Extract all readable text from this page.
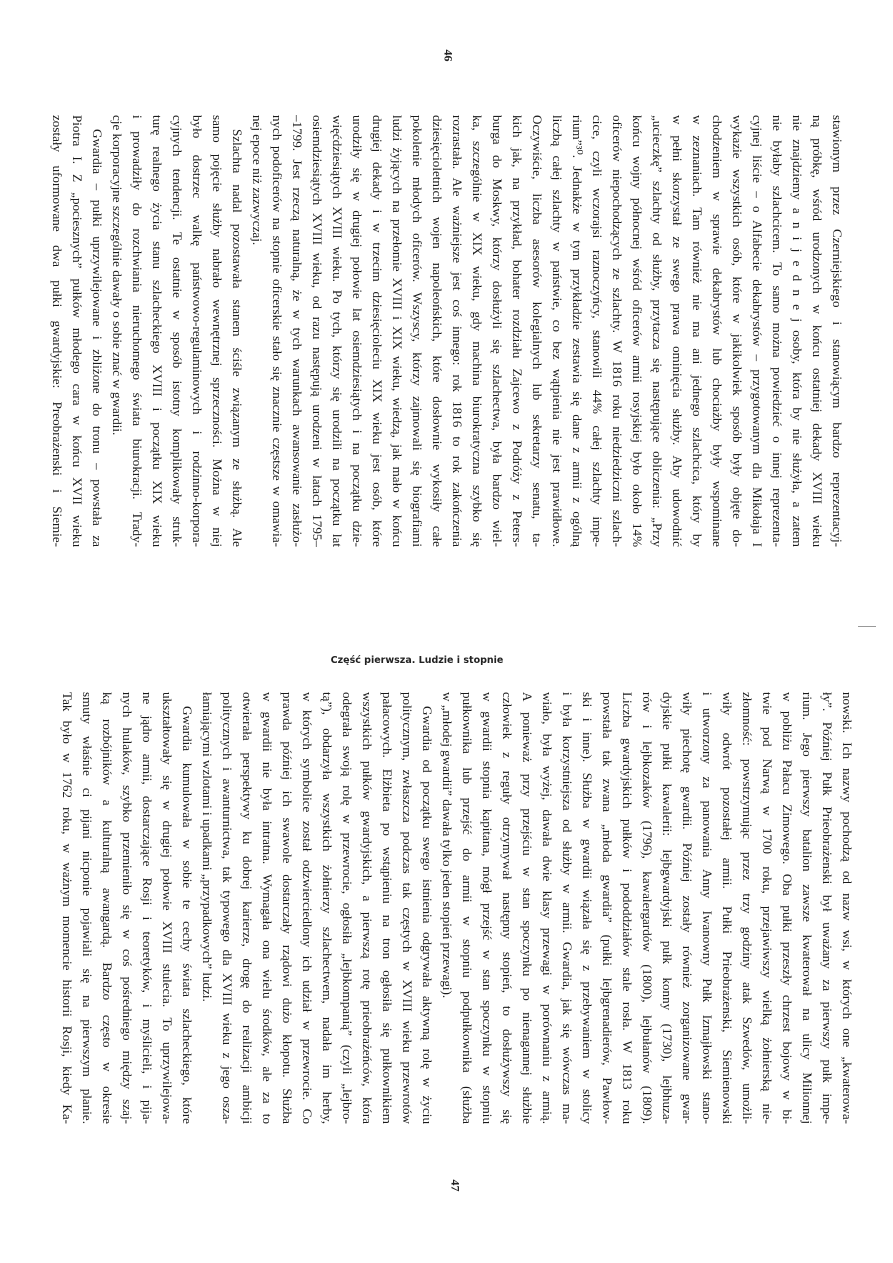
46
stawionym przez Czerniejskiego i stanowiącym bardzo reprezentacyj-
ną próbkę, wśród urodzonych w końcu ostatniej dekady XVIII wieku
nie znajdziemy a n i j e d n e j osoby, która by nie służyła, a zatem
nie byłaby szlachcicem. To samo można powiedzieć o innej reprezenta-
cyjnej liście – o Alfabecie dekabrystów – przygotowanym dla Mikołaja I
wykazie wszystkich osób, które w jakikolwiek sposób były objęte do-
chodzeniem w sprawie dekabrystów lub chociażby były wspominane
w zeznaniach. Tam również nie ma ani jednego szlachcica, który by
w pełni skorzystał ze swego prawa ominięcia służby. Aby udowodnić
„ucieczkę” szlachty od służby, przytacza się następujące obliczenia: „Przy
końcu wojny północnej wśród oficerów armii rosyjskiej było około 14%
oficerów niepochodzących ze szlachty. W 1816 roku niedziedziczni szlach-
cice, czyli wczorajsi raznoczyńcy, stanowili 44% całej szlachty impe-
rium”³⁰. Jednakże w tym przykładzie zestawia się dane z armii z ogólną
liczbą całej szlachty w państwie, co bez wątpienia nie jest prawidłowe.
Oczywiście, liczba asesorów kolegialnych lub sekretarzy senatu, ta-
kich jak, na przykład, bohater rozdziału Zajcewo z Podróży z Peters-
burga do Moskwy, którzy dosłużyli się szlachectwa, była bardzo wiel-
ka, szczególnie w XIX wieku, gdy machina biurokratyczna szybko się
rozrastała. Ale ważniejsze jest coś innego: rok 1816 to rok zakończenia
dziesięcioletnich wojen napoleońskich, które dosłownie wykosiły całe
pokolenie młodych oficerów. Wszyscy, którzy zajmowali się biografiami
ludzi żyjących na przełomie XVIII i XIX wieku, wiedzą, jak mało w końcu
drugiej dekady i w trzecim dziesięcioleciu XIX wieku jest osób, które
urodziły się w drugiej połowie lat osiemdziesiątych i na początku dzie-
więćdziesiątych XVIII wieku. Po tych, którzy się urodzili na początku lat
osiemdziesiątych XVIII wieku, od razu następują urodzeni w latach 1795–
–1799. Jest rzeczą naturalną, że w tych warunkach awansowanie zasłużo-
nych podoficerów na stopnie oficerskie stało się znacznie częstsze w omawia-
nej epoce niż zazwyczaj.
Szlachta nadal pozostawała stanem ściśle związanym ze służbą. Ale
samo pojęcie służby nabrało wewnętrznej sprzeczności. Można w niej
było dostrzec walkę państwowo-regulaminowych i rodzinno-korpora-
cyjnych tendencji. Te ostatnie w sposób istotny komplikowały struk-
turę realnego życia stanu szlacheckiego XVIII i początku XIX wieku
i prowadziły do rozchwiania nieruchomego świata biurokracji. Trady-
cje korporacyjne szczególnie dawały o sobie znać w gwardii.
Gwardia – pułki uprzywilejowane i zbliżone do tronu – powstała za
Piotra I. Z „pociesznych” pułków młodego cara w końcu XVII wieku
zostały uformowane dwa pułki gwardyjskie: Preobrażenski i Siemie-
Część pierwsza. Ludzie i stopnie
nowski. Ich nazwy pochodzą od nazw wsi, w których one „kwaterowa-
ły”. Później Pułk Prieobrażenski był uważany za pierwszy pułk impe-
rium. Jego pierwszy batalion zawsze kwaterował na ulicy Milionnej
w pobliżu Pałacu Zimowego. Oba pułki przeszły chrzest bojowy w bi-
twie pod Narwą w 1700 roku, przejawiwszy wielką żołnierską nie-
złomność: powstrzymując przez trzy godziny atak Szwedów, umożli-
wiły odwrót pozostałej armii. Pułki Prieobrażenski, Siemienowski
i utworzony za panowania Anny Iwanowny Pułk Izmajłowski stano-
wiły piechotę gwardii. Później zostały również zorganizowane gwar-
dyjskie pułki kawalerii: lejbgwardyjski pułk konny (1730), lejbhuza-
rów i lejbkozaków (1796), kawalergardów (1800), lejbułanów (1809).
Liczba gwardyjskich pułków i pododdziałów stale rosła. W 1813 roku
powstała tak zwana „młoda gwardia” (pułki lejbgrenadierów, Pawłow-
ski i inne). Służba w gwardii wiązała się z przebywaniem w stolicy
i była korzystniejsza od służby w armii. Gwardia, jak się wówczas ma-
wiało, była wyżej, dawała dwie klasy przewagi w porównaniu z armią.
A ponieważ przy przejściu w stan spoczynku po nienagannej służbie
człowiek z reguły otrzymywał następny stopień, to dosłużywszy się
w gwardii stopnia kapitana, mógł przejść w stan spoczynku w stopniu
pułkownika lub przejść do armii w stopniu podpułkownika (służba
w „młodej gwardii” dawała tylko jeden stopień przewagi).
Gwardia od początku swego istnienia odgrywała aktywną rolę w życiu
politycznym, zwłaszcza podczas tak częstych w XVIII wieku przewrotów
pałacowych. Elżbieta po wstąpieniu na tron ogłosiła się pułkownikiem
wszystkich pułków gwardyjskich, a pierwszą rotę prieobrażeńców, która
odegrała swoją rolę w przewrocie, ogłosiła „lejbkompanią” (czyli „lejbro-
tą”), obdarzyła wszystkich żołnierzy szlachectwem, nadała im herby,
w których symbolice został odzwierciedlony ich udział w przewrocie. Co
prawda później ich swawole dostarczały rządowi dużo kłopotu. Służba
w gwardii nie była intratna. Wymagała ona wielu środków, ale za to
otwierała perspektywy ku dobrej karierze, drogę do realizacji ambicji
politycznych i awanturnictwa, tak typowego dla XVIII wieku z jego osza-
łamiającymi wzlotami i upadkami „przypadkowych” ludzi.
Gwardia kumulowała w sobie te cechy świata szlacheckiego, które
ukształtowały się w drugiej połowie XVIII stulecia. To uprzywilejowa-
ne jądro armii, dostarczające Rosji i teoretyków, i myślicieli, i pija-
nych hulaków, szybko przemieniło się w coś pośredniego między szaj-
ką rozbójników a kulturalną awangardą. Bardzo często w okresie
smuty właśnie ci pijani nicponie pojawiali się na pierwszym planie.
Tak było w 1762 roku, w ważnym momencie historii Rosji, kiedy Ka-
47
